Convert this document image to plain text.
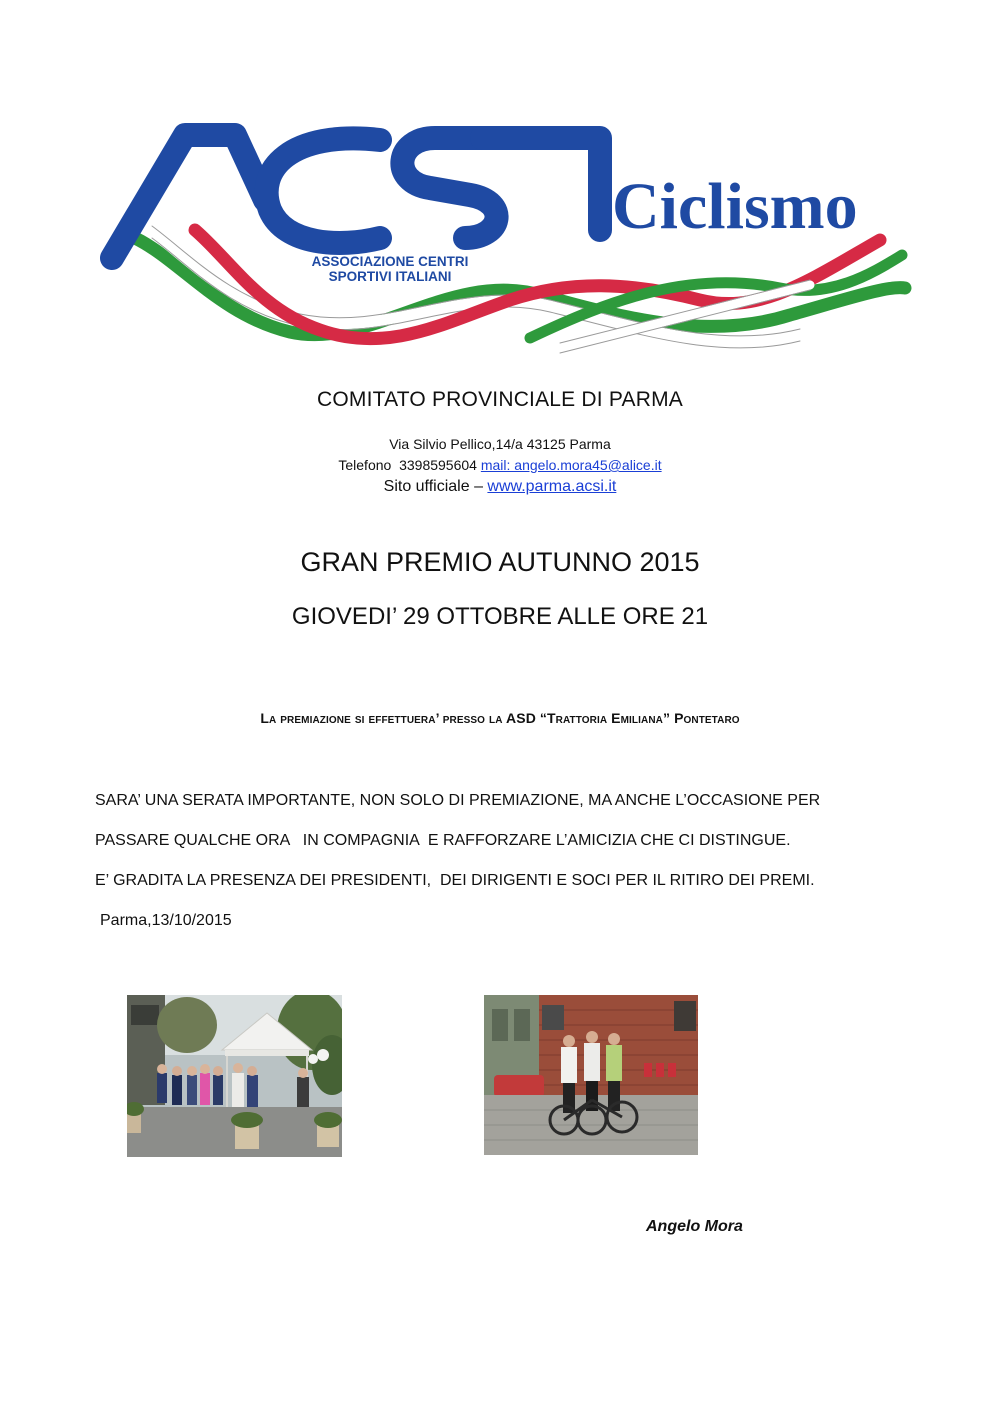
ASSOCIAZIONE CENTRI
SPORTIVI ITALIANI
Ciclismo
COMITATO PROVINCIALE DI PARMA
Via Silvio Pellico,14/a 43125 Parma
Telefono 3398595604 mail: angelo.mora45@alice.it
Sito ufficiale – www.parma.acsi.it
GRAN PREMIO AUTUNNO 2015
GIOVEDI’ 29 OTTOBRE ALLE ORE 21
La premiazione si effettuera’ presso la ASD “Trattoria Emiliana” Pontetaro

SARA’ UNA SERATA IMPORTANTE, NON SOLO DI PREMIAZIONE, MA ANCHE L’OCCASIONE PER

PASSARE QUALCHE ORA   IN COMPAGNIA  E RAFFORZARE L’AMICIZIA CHE CI DISTINGUE.

E’ GRADITA LA PRESENZA DEI PRESIDENTI,  DEI DIRIGENTI E SOCI PER IL RITIRO DEI PREMI.

Parma,13/10/2015

Angelo Mora
